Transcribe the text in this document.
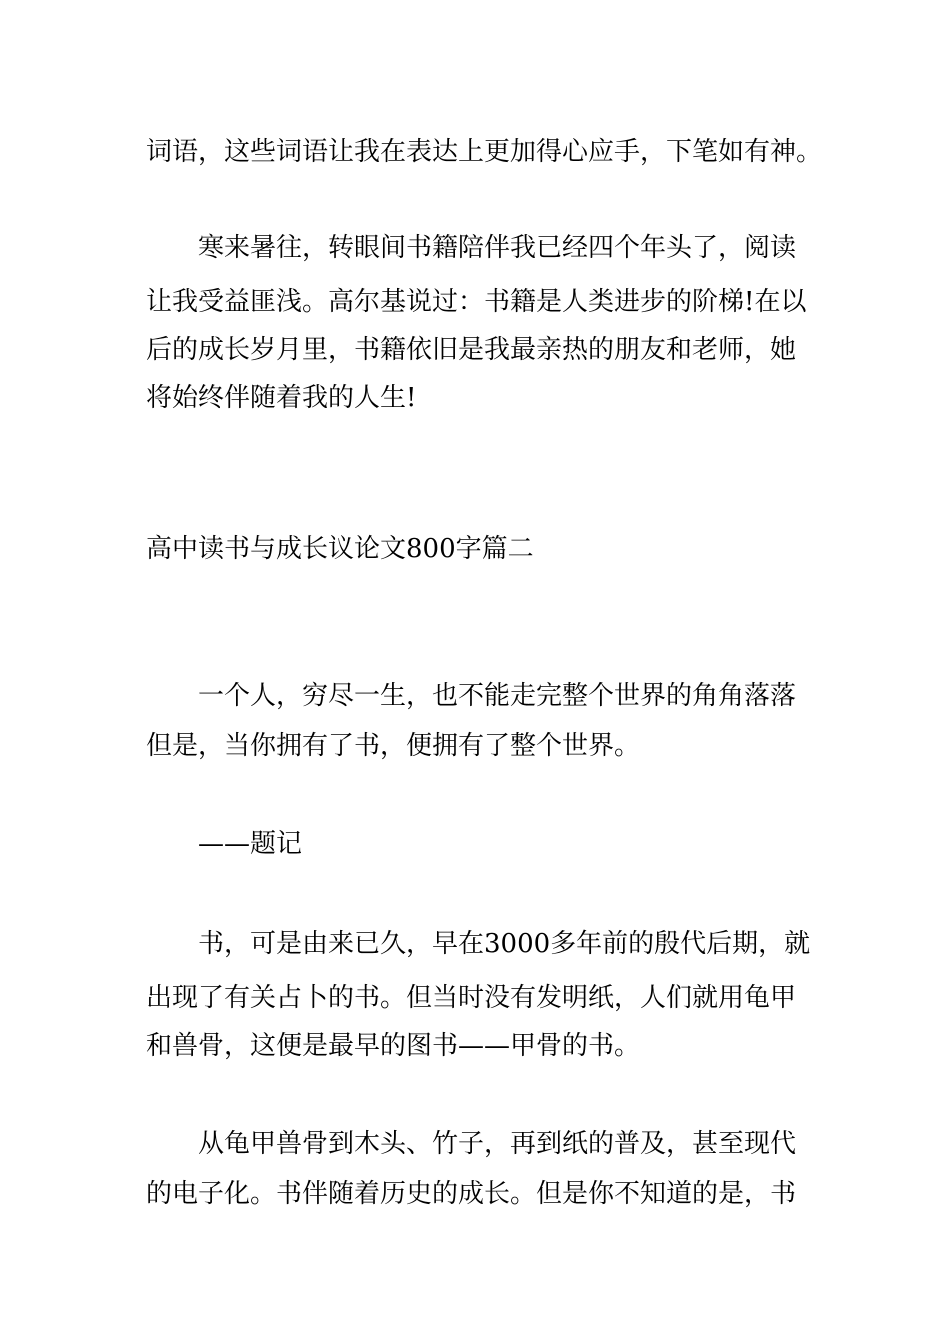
词语，这些词语让我在表达上更加得心应手，下笔如有神。
寒来暑往，转眼间书籍陪伴我已经四个年头了，阅读
让我受益匪浅。高尔基说过：书籍是人类进步的阶梯!在以
后的成长岁月里，书籍依旧是我最亲热的朋友和老师，她
将始终伴随着我的人生!
高中读书与成长议论文800字篇二
一个人，穷尽一生，也不能走完整个世界的角角落落
但是，当你拥有了书，便拥有了整个世界。
——题记
书，可是由来已久，早在3000多年前的殷代后期，就
出现了有关占卜的书。但当时没有发明纸，人们就用龟甲
和兽骨，这便是最早的图书——甲骨的书。
从龟甲兽骨到木头、竹子，再到纸的普及，甚至现代
的电子化。书伴随着历史的成长。但是你不知道的是，书
